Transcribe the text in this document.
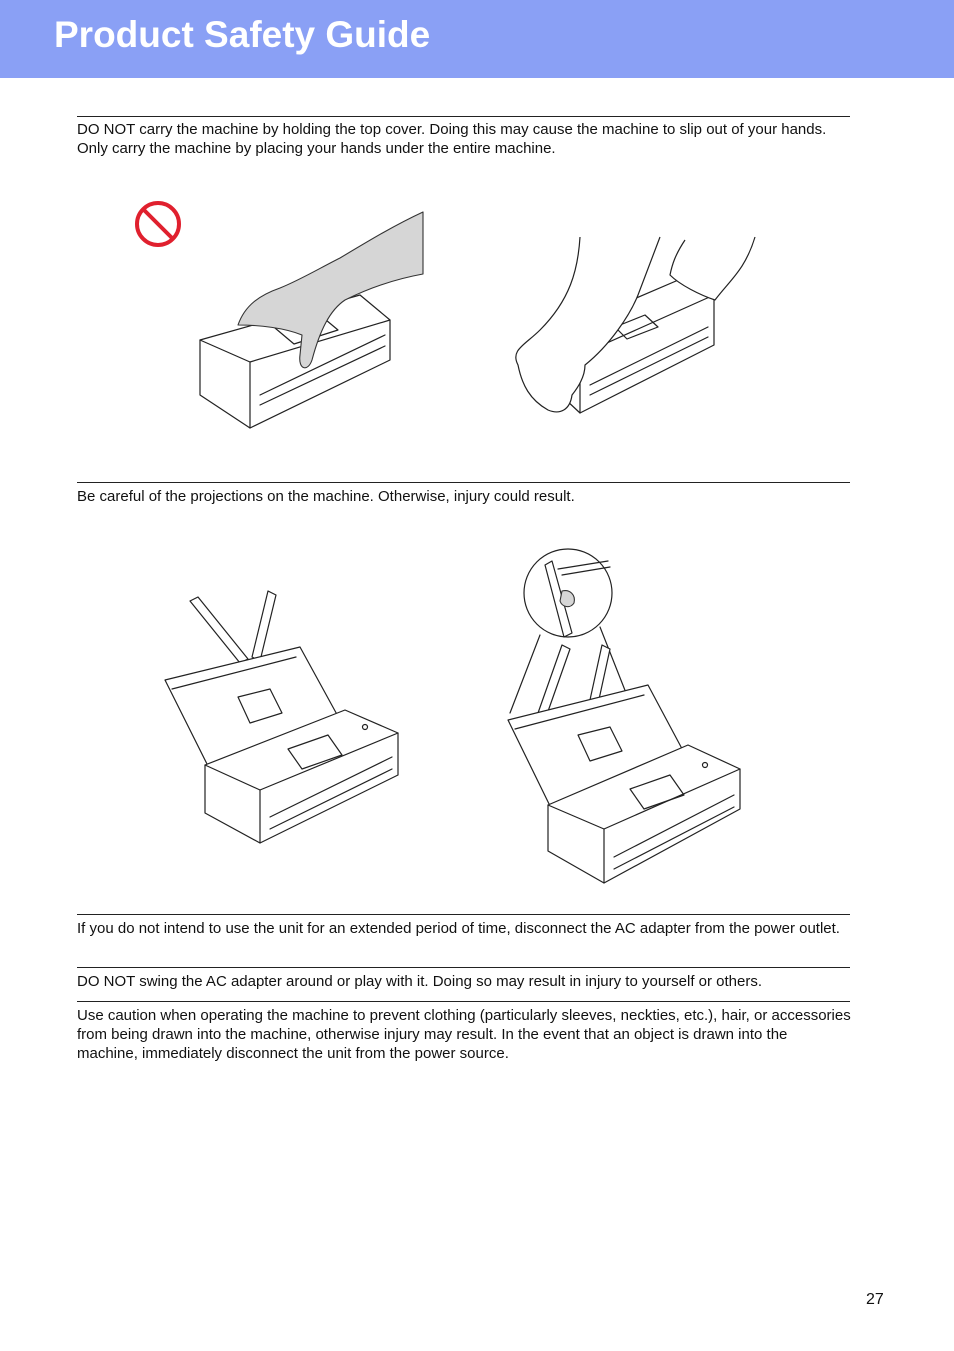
Product Safety Guide

DO NOT carry the machine by holding the top cover. Doing this may cause the machine to slip out of your hands. Only carry the machine by placing your hands under the entire machine.

Be careful of the projections on the machine. Otherwise, injury could result.

If you do not intend to use the unit for an extended period of time, disconnect the AC adapter from the power outlet.

DO NOT swing the AC adapter around or play with it. Doing so may result in injury to yourself or others.

Use caution when operating the machine to prevent clothing (particularly sleeves, neckties, etc.), hair, or accessories from being drawn into the machine, otherwise injury may result. In the event that an object is drawn into the machine, immediately disconnect the unit from the power source.

27
